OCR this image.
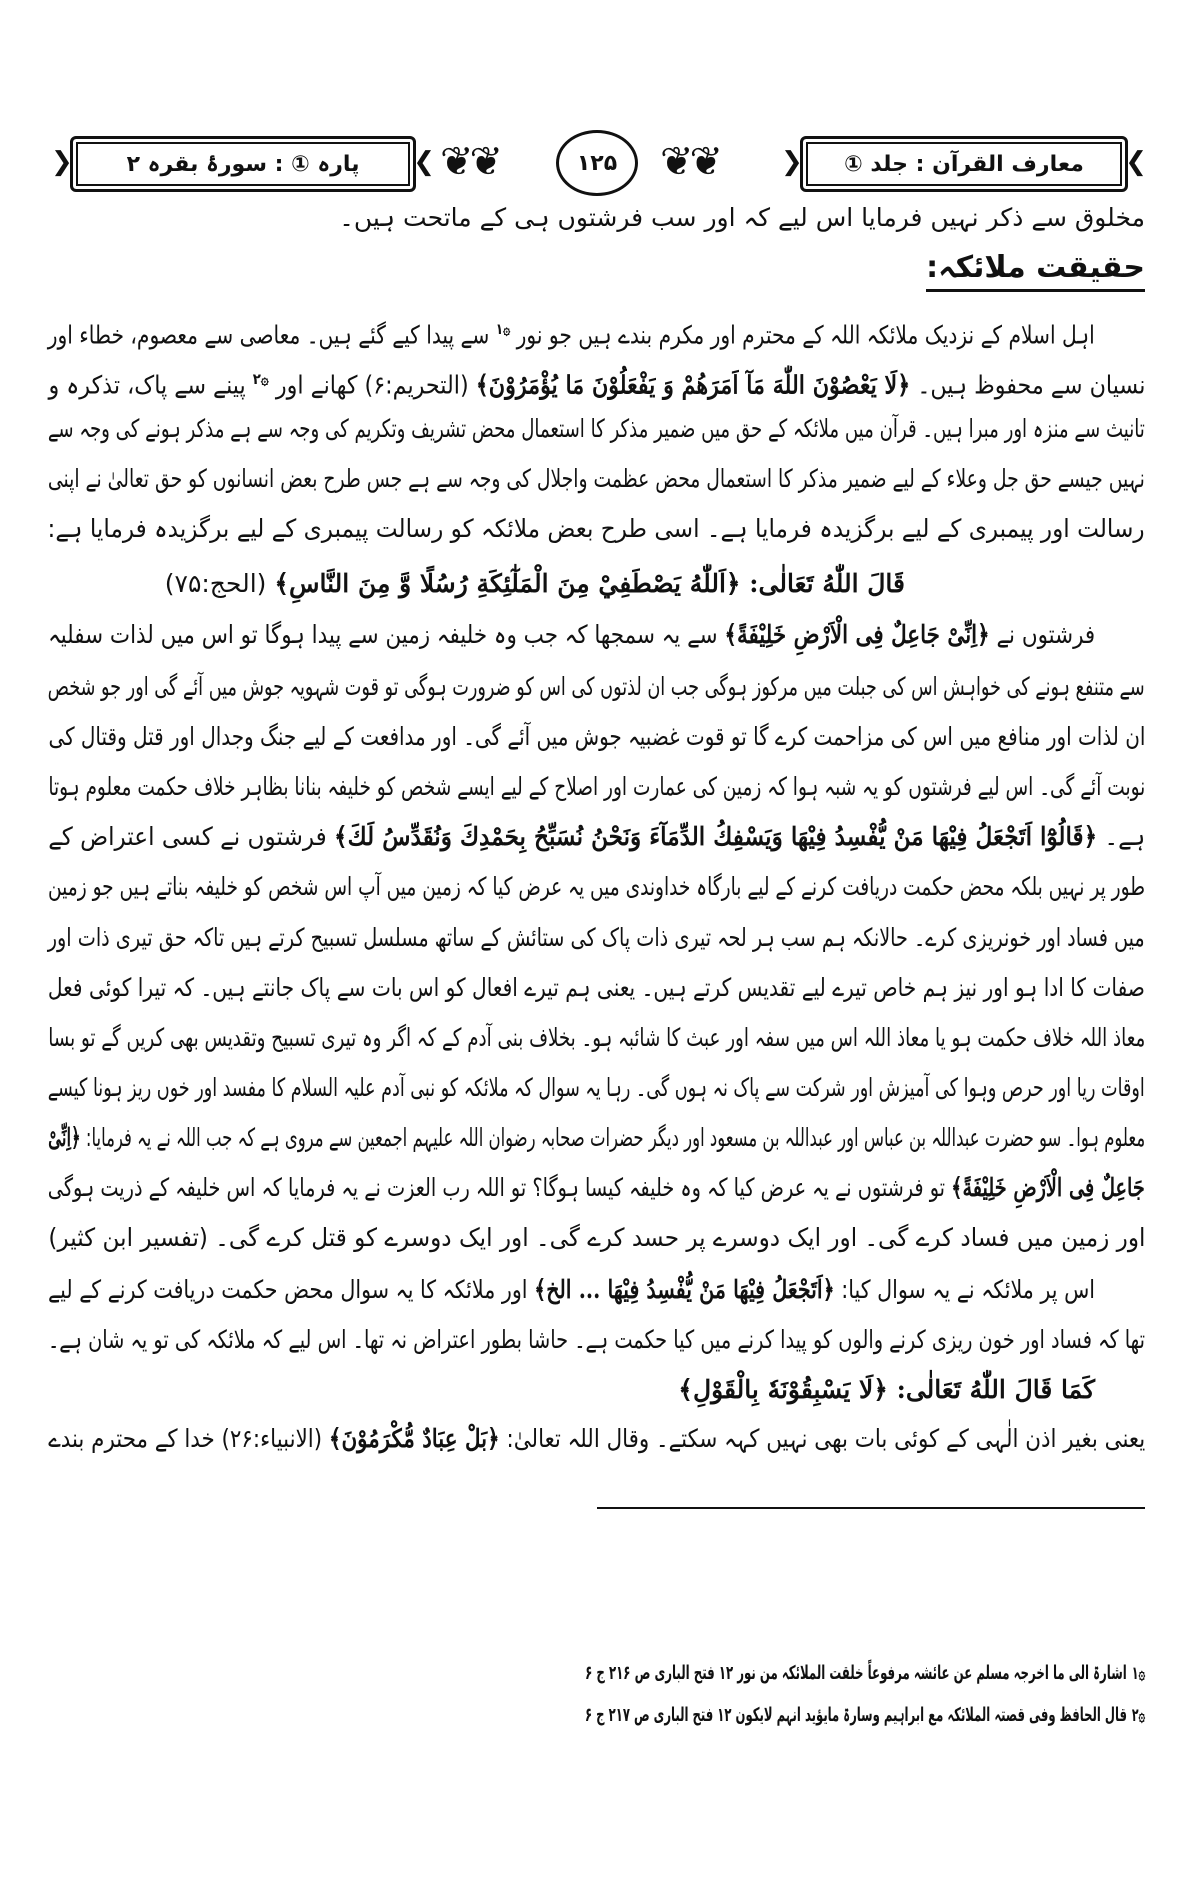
❮ پارہ ① : سورۂ بقرہ ۲
❯ ❦❦	❦❦
۱۲۵	❮ معارف القرآن : جلد ①
❯
مخلوق سے ذکر نہیں فرمایا اس لیے کہ اور سب فرشتوں ہی کے ماتحت ہیں۔
حقیقت ملائکہ:
اہل اسلام کے نزدیک ملائکہ اللہ کے محترم اور مکرم بندے ہیں جو نور $^{۞۱}$ سے پیدا کیے گئے ہیں۔ معاصی سے معصوم، خطاء اور
نسیان سے محفوظ ہیں۔ ﴿لَا يَعْصُوْنَ اللّٰهَ مَآ اَمَرَهُمْ وَ يَفْعَلُوْنَ مَا يُؤْمَرُوْنَ﴾ (التحریم:۶) کھانے اور $^{۞۲}$ پینے سے پاک، تذکرہ و
تانیث سے منزہ اور مبرا ہیں۔ قرآن میں ملائکہ کے حق میں ضمیر مذکر کا استعمال محض تشریف وتکریم کی وجہ سے ہے مذکر ہونے کی وجہ سے
نہیں جیسے حق جل وعلاء کے لیے ضمیر مذکر کا استعمال محض عظمت واجلال کی وجہ سے ہے جس طرح بعض انسانوں کو حق تعالیٰ نے اپنی
رسالت اور پیمبری کے لیے برگزیدہ فرمایا ہے۔ اسی طرح بعض ملائکہ کو رسالت پیمبری کے لیے برگزیدہ فرمایا ہے:
قَالَ اللّٰهُ تَعَالٰی: ﴿اَللّٰهُ يَصْطَفِيْ مِنَ الْمَلٰٓئِكَةِ رُسُلًا وَّ مِنَ النَّاسِ﴾ (الحج:۷۵)
فرشتوں نے ﴿اِنِّیْ جَاعِلٌ فِی الْاَرْضِ خَلِیْفَةً﴾ سے یہ سمجھا کہ جب وہ خلیفہ زمین سے پیدا ہوگا تو اس میں لذات سفلیہ
سے متنفع ہونے کی خواہش اس کی جبلت میں مرکوز ہوگی جب ان لذتوں کی اس کو ضرورت ہوگی تو قوت شہویہ جوش میں آئے گی اور جو شخص
ان لذات اور منافع میں اس کی مزاحمت کرے گا تو قوت غضبیہ جوش میں آئے گی۔ اور مدافعت کے لیے جنگ وجدال اور قتل وقتال کی
نوبت آئے گی۔ اس لیے فرشتوں کو یہ شبہ ہوا کہ زمین کی عمارت اور اصلاح کے لیے ایسے شخص کو خلیفہ بنانا بظاہر خلاف حکمت معلوم ہوتا
ہے۔ ﴿قَالُوْٓا اَتَجْعَلُ فِيْهَا مَنْ يُّفْسِدُ فِيْهَا وَيَسْفِكُ الدِّمَآءَ وَنَحْنُ نُسَبِّحُ بِحَمْدِكَ وَنُقَدِّسُ لَكَ﴾ فرشتوں نے کسی اعتراض کے
طور پر نہیں بلکہ محض حکمت دریافت کرنے کے لیے بارگاہ خداوندی میں یہ عرض کیا کہ زمین میں آپ اس شخص کو خلیفہ بناتے ہیں جو زمین
میں فساد اور خونریزی کرے۔ حالانکہ ہم سب ہر لحہ تیری ذات پاک کی ستائش کے ساتھ مسلسل تسبیح کرتے ہیں تاکہ حق تیری ذات اور
صفات کا ادا ہو اور نیز ہم خاص تیرے لیے تقدیس کرتے ہیں۔ یعنی ہم تیرے افعال کو اس بات سے پاک جانتے ہیں۔ کہ تیرا کوئی فعل
معاذ اللہ خلاف حکمت ہو یا معاذ اللہ اس میں سفہ اور عبث کا شائبہ ہو۔ بخلاف بنی آدم کے کہ اگر وہ تیری تسبیح وتقدیس بھی کریں گے تو بسا
اوقات ریا اور حرص وہوا کی آمیزش اور شرکت سے پاک نہ ہوں گی۔ رہا یہ سوال کہ ملائکہ کو نبی آدم علیہ السلام کا مفسد اور خوں ریز ہونا کیسے
معلوم ہوا۔ سو حضرت عبداللہ بن عباس اور عبداللہ بن مسعود اور دیگر حضرات صحابہ رضوان اللہ علیہم اجمعین سے مروی ہے کہ جب اللہ نے یہ فرمایا: ﴿اِنِّیْ
جَاعِلٌ فِی الْاَرْضِ خَلِیْفَةً﴾ تو فرشتوں نے یہ عرض کیا کہ وہ خلیفہ کیسا ہوگا؟ تو اللہ رب العزت نے یہ فرمایا کہ اس خلیفہ کے ذریت ہوگی
اور زمین میں فساد کرے گی۔ اور ایک دوسرے پر حسد کرے گی۔ اور ایک دوسرے کو قتل کرے گی۔ (تفسیر ابن کثیر)
اس پر ملائکہ نے یہ سوال کیا: ﴿اَتَجْعَلُ فِيْهَا مَنْ يُّفْسِدُ فِيْهَا ... الخ﴾ اور ملائکہ کا یہ سوال محض حکمت دریافت کرنے کے لیے
تھا کہ فساد اور خون ریزی کرنے والوں کو پیدا کرنے میں کیا حکمت ہے۔ حاشا بطور اعتراض نہ تھا۔ اس لیے کہ ملائکہ کی تو یہ شان ہے۔
كَمَا قَالَ اللّٰهُ تَعَالٰی: ﴿لَا يَسْبِقُوْنَهٗ بِالْقَوْلِ﴾
یعنی بغیر اذن الٰہی کے کوئی بات بھی نہیں کہہ سکتے۔ وقال اللہ تعالیٰ: ﴿بَلْ عِبَادٌ مُّكْرَمُوْنَ﴾ (الانبیاء:۲۶) خدا کے محترم بندے
۞۱اشارۃ الی ما اخرجہ مسلم عن عائشہ مرفوعاً خلقت الملائکہ من نور ۱۲ فتح الباری ص ۲۱۶ ج ۶
۞۲قال الحافظ وفی قصتہ الملائکہ مع ابراہیم وسارۃ مایؤید انہم لایکون ۱۲ فتح الباری ص ۲۱۷ ج ۶
